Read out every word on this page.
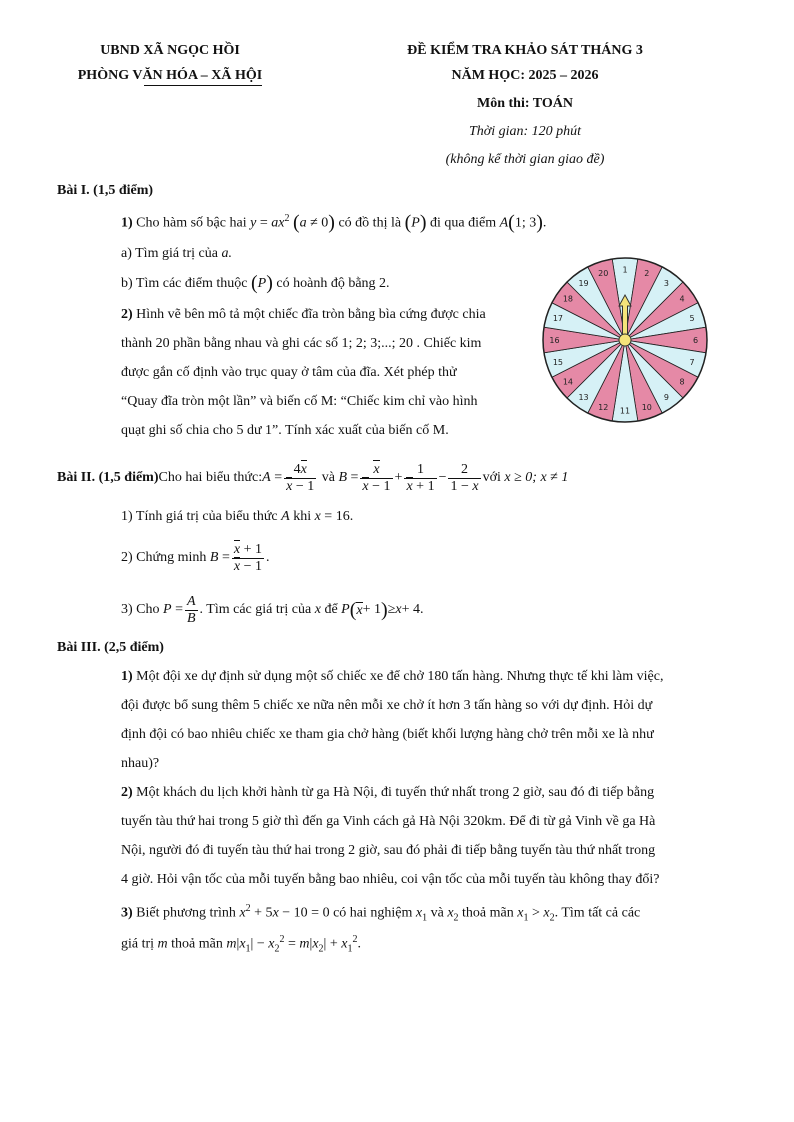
UBND XÃ NGỌC HỒI
PHÒNG VĂN HÓA – XÃ HỘI
ĐỀ KIỂM TRA KHẢO SÁT THÁNG 3
NĂM HỌC: 2025 – 2026
Môn thi: TOÁN
Thời gian: 120 phút
(không kể thời gian giao đề)
Bài I. (1,5 điểm)
1) Cho hàm số bậc hai $y = ax^2$ (a ≠ 0) có đồ thị là (P) đi qua điểm A(1; 3).
a) Tìm giá trị của a.
b) Tìm các điểm thuộc (P) có hoành độ bằng 2.
2) Hình vẽ bên mô tả một chiếc đĩa tròn bằng bìa cứng được chia
thành 20 phần bằng nhau và ghi các số 1; 2; 3;...; 20 . Chiếc kim
được gắn cố định vào trục quay ở tâm của đĩa. Xét phép thử
“Quay đĩa tròn một lần” và biến cố M: “Chiếc kim chỉ vào hình
quạt ghi số chia cho 5 dư 1”. Tính xác xuất của biến cố M.
1 2
3
4
5
6
7
8
9
10
11
12
13
14
15
16
17
18
19
20
Bài II. (1,5 điểm) Cho hai biểu thức: $A = \frac{4x}{x - 1}$
và
$B = \frac{x}{x - 1} + \frac{1}{x + 1} - \frac{2}{1 - x}$ với
x ≥ 0; x ≠ 1
1) Tính giá trị của biểu thức A khi x = 16.
2) Chứng minh
$B = \frac{x + 1}{x - 1}$ .
3) Cho
$P = \frac{A}{B}$ . Tìm các giá trị của
x
để
P ( x + 1 ) ≥ x + 4.
Bài III. (2,5 điểm)
1) Một đội xe dự định sử dụng một số chiếc xe để chở 180 tấn hàng. Nhưng thực tế khi làm việc,
đội được bổ sung thêm 5 chiếc xe nữa nên mỗi xe chở ít hơn 3 tấn hàng so với dự định. Hỏi dự
định đội có bao nhiêu chiếc xe tham gia chở hàng (biết khối lượng hàng chở trên mỗi xe là như
nhau)?
2) Một khách du lịch khởi hành từ ga Hà Nội, đi tuyến thứ nhất trong 2 giờ, sau đó đi tiếp bằng
tuyến tàu thứ hai trong 5 giờ thì đến ga Vinh cách gả Hà Nội 320km. Để đi từ gả Vinh về ga Hà
Nội, người đó đi tuyến tàu thứ hai trong 2 giờ, sau đó phải đi tiếp bằng tuyến tàu thứ nhất trong
4 giờ. Hỏi vận tốc của mỗi tuyến bằng bao nhiêu, coi vận tốc của mỗi tuyến tàu không thay đổi?
3) Biết phương trình $x^2 + 5x - 10 = 0$ có hai nghiệm $x_1$ và $x_2$ thoả mãn $x_1 > x_2$. Tìm tất cả các
giá trị m thoả mãn $m|x_1| - x_2^2 = m|x_2| + x_1^2$.
